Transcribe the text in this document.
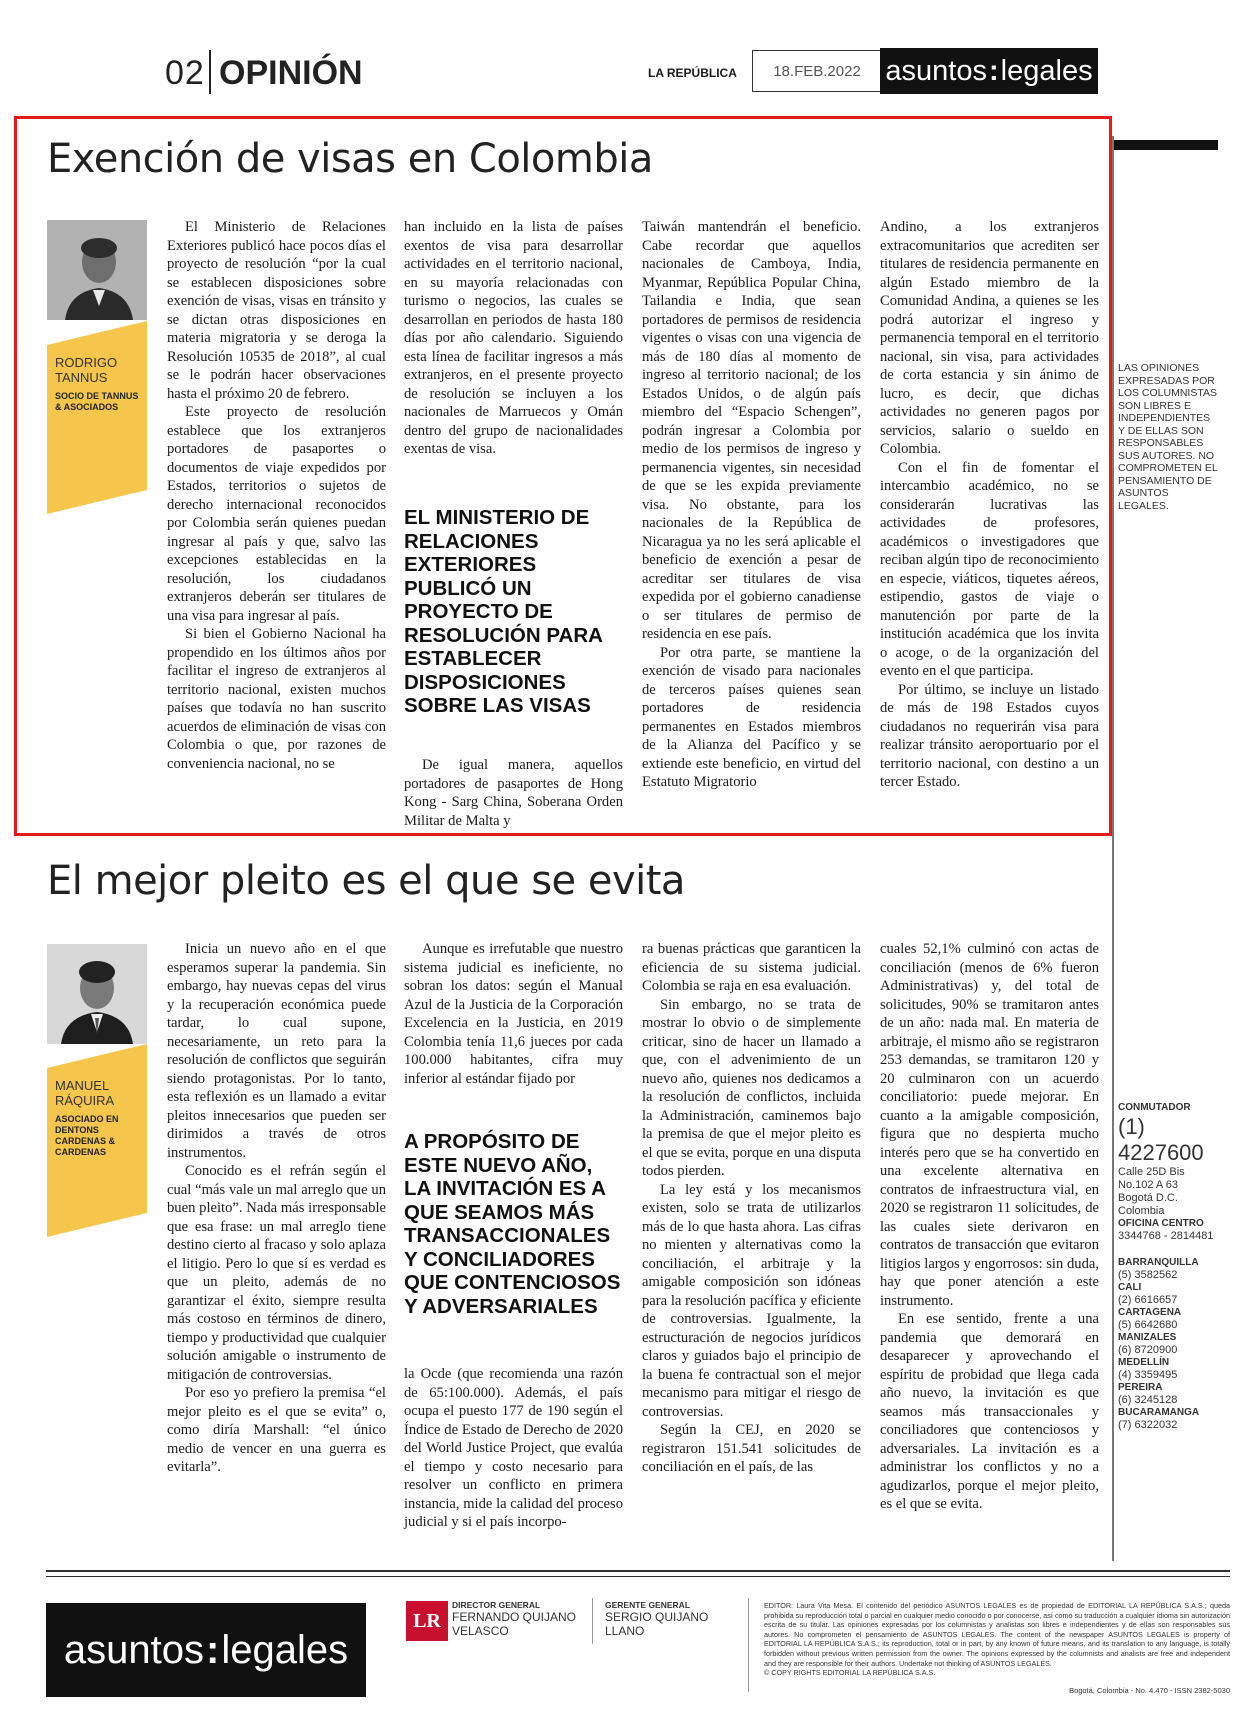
02 OPINIÓN	LA REPÚBLICA	18.FEB.2022 asuntos : legales
LAS OPINIONES EXPRESADAS POR LOS COLUMNISTAS SON LIBRES E INDEPENDIENTES Y DE ELLAS SON RESPONSABLES SUS AUTORES. NO COMPROMETEN EL PENSAMIENTO DE ASUNTOS LEGALES.
Exención de visas en Colombia
RODRIGO TANNUS
SOCIO DE TANNUS & ASOCIADOS

El Ministerio de Relaciones Exteriores publicó hace pocos días el proyecto de resolución “por la cual se establecen disposiciones sobre exención de visas, visas en tránsito y se dictan otras disposiciones en materia migratoria y se deroga la Resolución 10535 de 2018”, al cual se le podrán hacer observaciones hasta el próximo 20 de febrero.

Este proyecto de resolución establece que los extranjeros portadores de pasaportes o documentos de viaje expedidos por Estados, territorios o sujetos de derecho internacional reconocidos por Colombia serán quienes puedan ingresar al país y que, salvo las excepciones establecidas en la resolución, los ciudadanos extranjeros deberán ser titulares de una visa para ingresar al país.

Si bien el Gobierno Nacional ha propendido en los últimos años por facilitar el ingreso de extranjeros al territorio nacional, existen muchos países que todavía no han suscrito acuerdos de eliminación de visas con Colombia o que, por razones de conveniencia nacional, no se

han incluido en la lista de países exentos de visa para desarrollar actividades en el territorio nacional, en su mayoría relacionadas con turismo o negocios, las cuales se desarrollan en periodos de hasta 180 días por año calendario. Siguiendo esta línea de facilitar ingresos a más extranjeros, en el presente proyecto de resolución se incluyen a los nacionales de Marruecos y Omán dentro del grupo de nacionalidades exentas de visa.

EL MINISTERIO DE RELACIONES EXTERIORES PUBLICÓ UN PROYECTO DE RESOLUCIÓN PARA ESTABLECER DISPOSICIONES SOBRE LAS VISAS

De igual manera, aquellos portadores de pasaportes de Hong Kong - Sarg China, Soberana Orden Militar de Malta y

Taiwán mantendrán el beneficio. Cabe recordar que aquellos nacionales de Camboya, India, Myanmar, República Popular China, Tailandia e India, que sean portadores de permisos de residencia vigentes o visas con una vigencia de más de 180 días al momento de ingreso al territorio nacional; de los Estados Unidos, o de algún país miembro del “Espacio Schengen”, podrán ingresar a Colombia por medio de los permisos de ingreso y permanencia vigentes, sin necesidad de que se les expida previamente visa. No obstante, para los nacionales de la República de Nicaragua ya no les será aplicable el beneficio de exención a pesar de acreditar ser titulares de visa expedida por el gobierno canadiense o ser titulares de permiso de residencia en ese país.

Por otra parte, se mantiene la exención de visado para nacionales de terceros países quienes sean portadores de residencia permanentes en Estados miembros de la Alianza del Pacífico y se extiende este beneficio, en virtud del Estatuto Migratorio

Andino, a los extranjeros extracomunitarios que acrediten ser titulares de residencia permanente en algún Estado miembro de la Comunidad Andina, a quienes se les podrá autorizar el ingreso y permanencia temporal en el territorio nacional, sin visa, para actividades de corta estancia y sin ánimo de lucro, es decir, que dichas actividades no generen pagos por servicios, salario o sueldo en Colombia.

Con el fin de fomentar el intercambio académico, no se considerarán lucrativas las actividades de profesores, académicos o investigadores que reciban algún tipo de reconocimiento en especie, viáticos, tiquetes aéreos, estipendio, gastos de viaje o manutención por parte de la institución académica que los invita o acoge, o de la organización del evento en el que participa.

Por último, se incluye un listado de más de 198 Estados cuyos ciudadanos no requerirán visa para realizar tránsito aeroportuario por el territorio nacional, con destino a un tercer Estado.

El mejor pleito es el que se evita
MANUEL RÁQUIRA
ASOCIADO EN DENTONS CARDENAS & CARDENAS

Inicia un nuevo año en el que esperamos superar la pandemia. Sin embargo, hay nuevas cepas del virus y la recuperación económica puede tardar, lo cual supone, necesariamente, un reto para la resolución de conflictos que seguirán siendo protagonistas. Por lo tanto, esta reflexión es un llamado a evitar pleitos innecesarios que pueden ser dirimidos a través de otros instrumentos.

Conocido es el refrán según el cual “más vale un mal arreglo que un buen pleito”. Nada más irresponsable que esa frase: un mal arreglo tiene destino cierto al fracaso y solo aplaza el litigio. Pero lo que sí es verdad es que un pleito, además de no garantizar el éxito, siempre resulta más costoso en términos de dinero, tiempo y productividad que cualquier solución amigable o instrumento de mitigación de controversias.

Por eso yo prefiero la premisa “el mejor pleito es el que se evita” o, como diría Marshall: “el único medio de vencer en una guerra es evitarla”.

Aunque es irrefutable que nuestro sistema judicial es ineficiente, no sobran los datos: según el Manual Azul de la Justicia de la Corporación Excelencia en la Justicia, en 2019 Colombia tenía 11,6 jueces por cada 100.000 habitantes, cifra muy inferior al estándar fijado por

A PROPÓSITO DE ESTE NUEVO AÑO, LA INVITACIÓN ES A QUE SEAMOS MÁS TRANSACCIONALES Y CONCILIADORES QUE CONTENCIOSOS Y ADVERSARIALES

la Ocde (que recomienda una razón de 65:100.000). Además, el país ocupa el puesto 177 de 190 según el Índice de Estado de Derecho de 2020 del World Justice Project, que evalúa el tiempo y costo necesario para resolver un conflicto en primera instancia, mide la calidad del proceso judicial y si el país incorpo-

ra buenas prácticas que garanticen la eficiencia de su sistema judicial. Colombia se raja en esa evaluación.

Sin embargo, no se trata de mostrar lo obvio o de simplemente criticar, sino de hacer un llamado a que, con el advenimiento de un nuevo año, quienes nos dedicamos a la resolución de conflictos, incluida la Administración, caminemos bajo la premisa de que el mejor pleito es el que se evita, porque en una disputa todos pierden.

La ley está y los mecanismos existen, solo se trata de utilizarlos más de lo que hasta ahora. Las cifras no mienten y alternativas como la conciliación, el arbitraje y la amigable composición son idóneas para la resolución pacífica y eficiente de controversias. Igualmente, la estructuración de negocios jurídicos claros y guiados bajo el principio de la buena fe contractual son el mejor mecanismo para mitigar el riesgo de controversias.

Según la CEJ, en 2020 se registraron 151.541 solicitudes de conciliación en el país, de las

cuales 52,1% culminó con actas de conciliación (menos de 6% fueron Administrativas) y, del total de solicitudes, 90% se tramitaron antes de un año: nada mal. En materia de arbitraje, el mismo año se registraron 253 demandas, se tramitaron 120 y 20 culminaron con un acuerdo conciliatorio: puede mejorar. En cuanto a la amigable composición, figura que no despierta mucho interés pero que se ha convertido en una excelente alternativa en contratos de infraestructura vial, en 2020 se registraron 11 solicitudes, de las cuales siete derivaron en contratos de transacción que evitaron litigios largos y engorrosos: sin duda, hay que poner atención a este instrumento.

En ese sentido, frente a una pandemia que demorará en desaparecer y aprovechando el espíritu de probidad que llega cada año nuevo, la invitación es que seamos más transaccionales y conciliadores que contenciosos y adversariales. La invitación es a administrar los conflictos y no a agudizarlos, porque el mejor pleito, es el que se evita.

CONMUTADOR
(1) 4227600
Calle 25D Bis
No.102 A 63
Bogotá D.C.
Colombia
OFICINA CENTRO
3344768 - 2814481
BARRANQUILLA
(5) 3582562
CALI
(2) 6616657
CARTAGENA
(5) 6642680
MANIZALES
(6) 8720900
MEDELLÍN
(4) 3359495
PEREIRA
(6) 3245128
BUCARAMANGA
(7) 6322032
asuntos : legales
LR
DIRECTOR GENERAL
FERNANDO QUIJANO VELASCO
GERENTE GENERAL
SERGIO QUIJANO LLANO
EDITOR: Laura Vita Mesa. El contenido del periódico ASUNTOS LEGALES es de propiedad de EDITORIAL LA REPÚBLICA S.A.S.; queda prohibida su reproducción total o parcial en cualquier medio conocido o por conocerse, así como su traducción a cualquier idioma sin autorización escrita de su titular. Las opiniones expresadas por los columnistas y analistas son libres e independientes y de ellas son responsables sus autores. No comprometen el pensamiento de ASUNTOS LEGALES. The content of the newspaper ASUNTOS LEGALES is property of EDITORIAL LA REPÚBLICA S.A.S.; its reproduction, total or in part, by any known of future means, and its translation to any language, is totally forbidden without previous written permission from the owner. The opinions expressed by the columnists and analists are free and independent and they are responsible for their authors. Undertake not thinking of ASUNTOS LEGALES.
© COPY RIGHTS EDITORIAL LA REPÚBLICA S.A.S.
Bogotá, Colombia - No. 4.470 - ISSN 2382-5030
